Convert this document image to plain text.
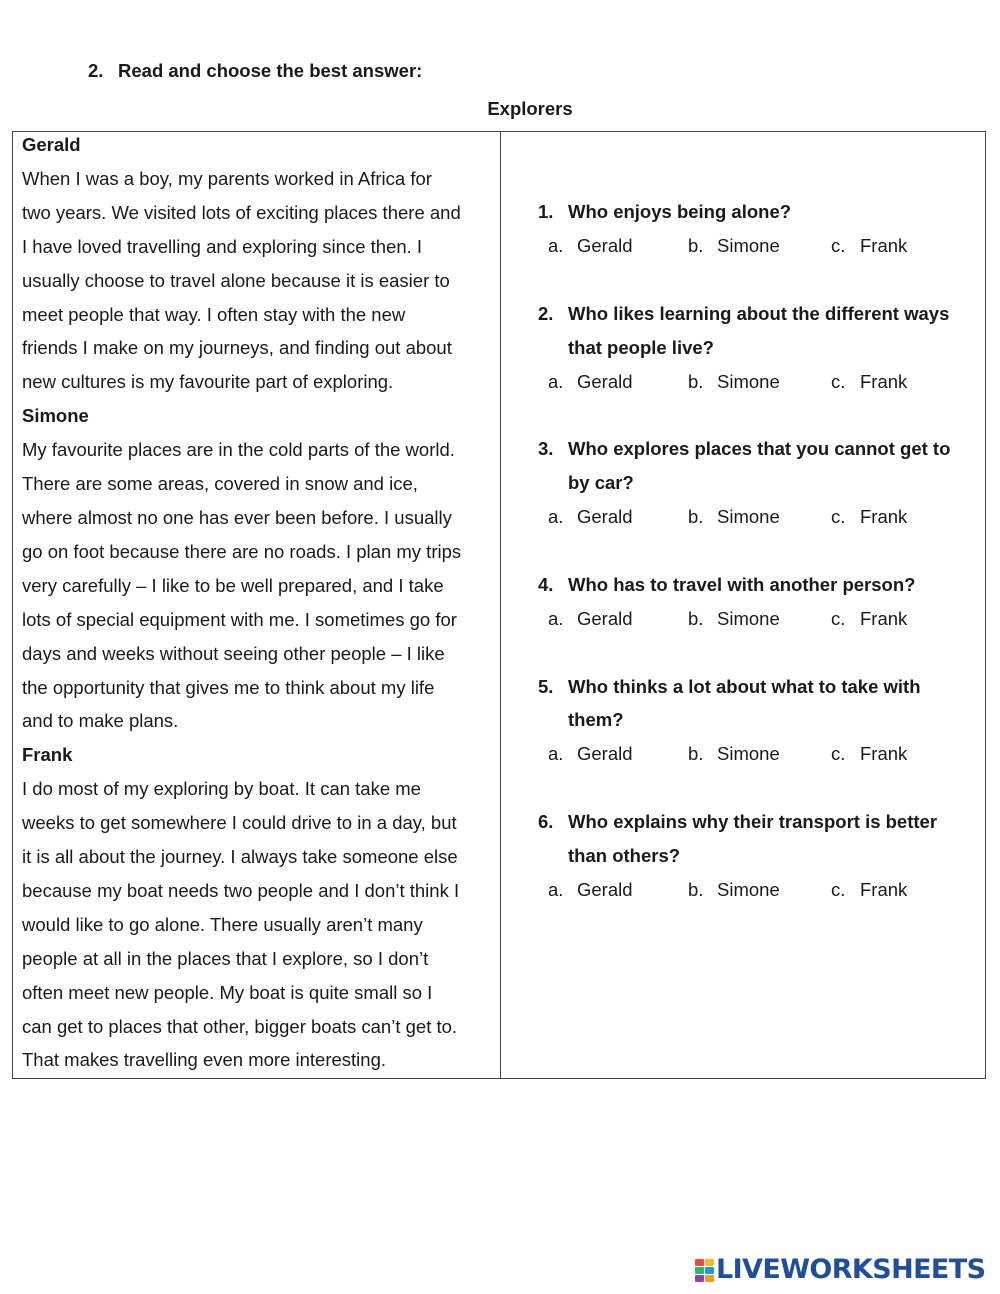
2. Read and choose the best answer:
Explorers
Gerald
When I was a boy, my parents worked in Africa for
two years. We visited lots of exciting places there and
I have loved travelling and exploring since then. I
usually choose to travel alone because it is easier to
meet people that way. I often stay with the new
friends I make on my journeys, and finding out about
new cultures is my favourite part of exploring.
Simone
My favourite places are in the cold parts of the world.
There are some areas, covered in snow and ice,
where almost no one has ever been before. I usually
go on foot because there are no roads. I plan my trips
very carefully – I like to be well prepared, and I take
lots of special equipment with me. I sometimes go for
days and weeks without seeing other people – I like
the opportunity that gives me to think about my life
and to make plans.
Frank
I do most of my exploring by boat. It can take me
weeks to get somewhere I could drive to in a day, but
it is all about the journey. I always take someone else
because my boat needs two people and I don’t think I
would like to go alone. There usually aren’t many
people at all in the places that I explore, so I don’t
often meet new people. My boat is quite small so I
can get to places that other, bigger boats can’t get to.
That makes travelling even more interesting.
1. Who enjoys being alone?
a. Gerald	b. Simone	c. Frank
2. Who likes learning about the different ways
that people live?
a. Gerald	b. Simone	c. Frank
3. Who explores places that you cannot get to
by car?
a. Gerald	b. Simone	c. Frank
4. Who has to travel with another person?
a. Gerald	b. Simone	c. Frank
5. Who thinks a lot about what to take with
them?
a. Gerald	b. Simone	c. Frank
6. Who explains why their transport is better
than others?
a. Gerald	b. Simone	c. Frank
LIVEWORKSHEETS
